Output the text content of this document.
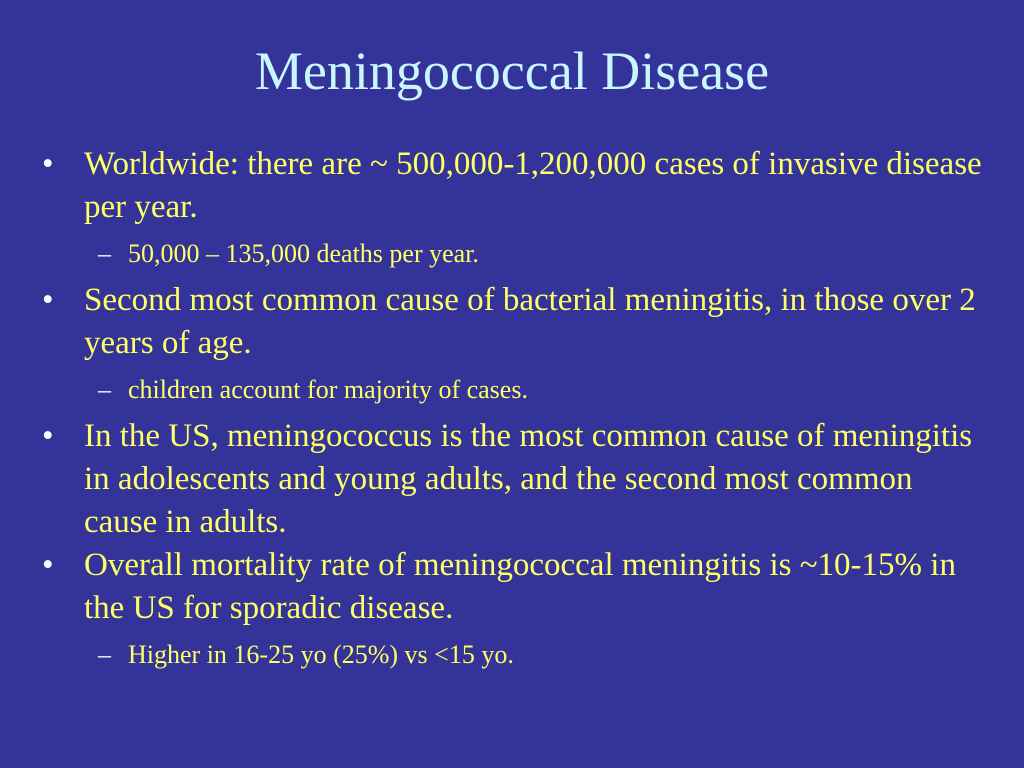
Meningococcal Disease
• Worldwide: there are ~ 500,000-1,200,000 cases of invasive disease per year.
– 50,000 – 135,000 deaths per year.
• Second most common cause of bacterial meningitis, in those over 2 years of age.
– children account for majority of cases.
• In the US, meningococcus is the most common cause of meningitis in adolescents and young adults, and the second most common cause in adults.
• Overall mortality rate of meningococcal meningitis is ~10-15% in the US for sporadic disease.
– Higher in 16-25 yo (25%) vs <15 yo.
